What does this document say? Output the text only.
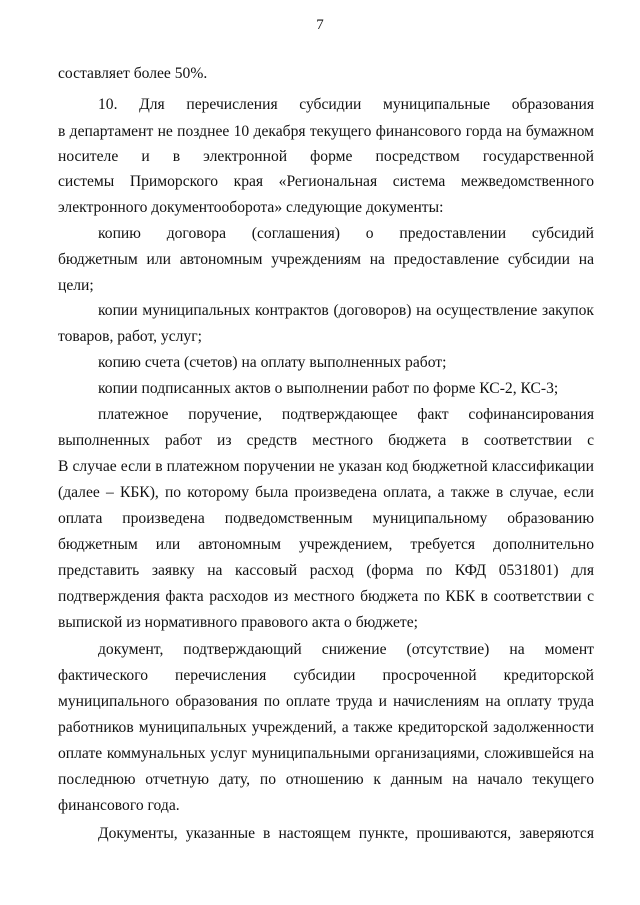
7
составляет более 50%.
10. Для перечисления субсидии муниципальные образования
в департамент не позднее 10 декабря текущего финансового горда на бумажном
носителе и в электронной форме посредством государственной
системы Приморского края «Региональная система межведомственного
электронного документооборота» следующие документы:
копию договора (соглашения) о предоставлении субсидий
бюджетным или автономным учреждениям на предоставление субсидии на
цели;
копии муниципальных контрактов (договоров) на осуществление закупок
товаров, работ, услуг;
копию счета (счетов) на оплату выполненных работ;
копии подписанных актов о выполнении работ по форме КС-2, КС-3;
платежное поручение, подтверждающее факт софинансирования
выполненных работ из средств местного бюджета в соответствии с
В случае если в платежном поручении не указан код бюджетной классификации
(далее – КБК), по которому была произведена оплата, а также в случае, если
оплата произведена подведомственным муниципальному образованию
бюджетным или автономным учреждением, требуется дополнительно
представить заявку на кассовый расход (форма по КФД 0531801) для
подтверждения факта расходов из местного бюджета по КБК в соответствии с
выпиской из нормативного правового акта о бюджете;
документ, подтверждающий снижение (отсутствие) на момент
фактического перечисления субсидии просроченной кредиторской
муниципального образования по оплате труда и начислениям на оплату труда
работников муниципальных учреждений, а также кредиторской задолженности
оплате коммунальных услуг муниципальными организациями, сложившейся на
последнюю отчетную дату, по отношению к данным на начало текущего
финансового года.
Документы, указанные в настоящем пункте, прошиваются, заверяются
